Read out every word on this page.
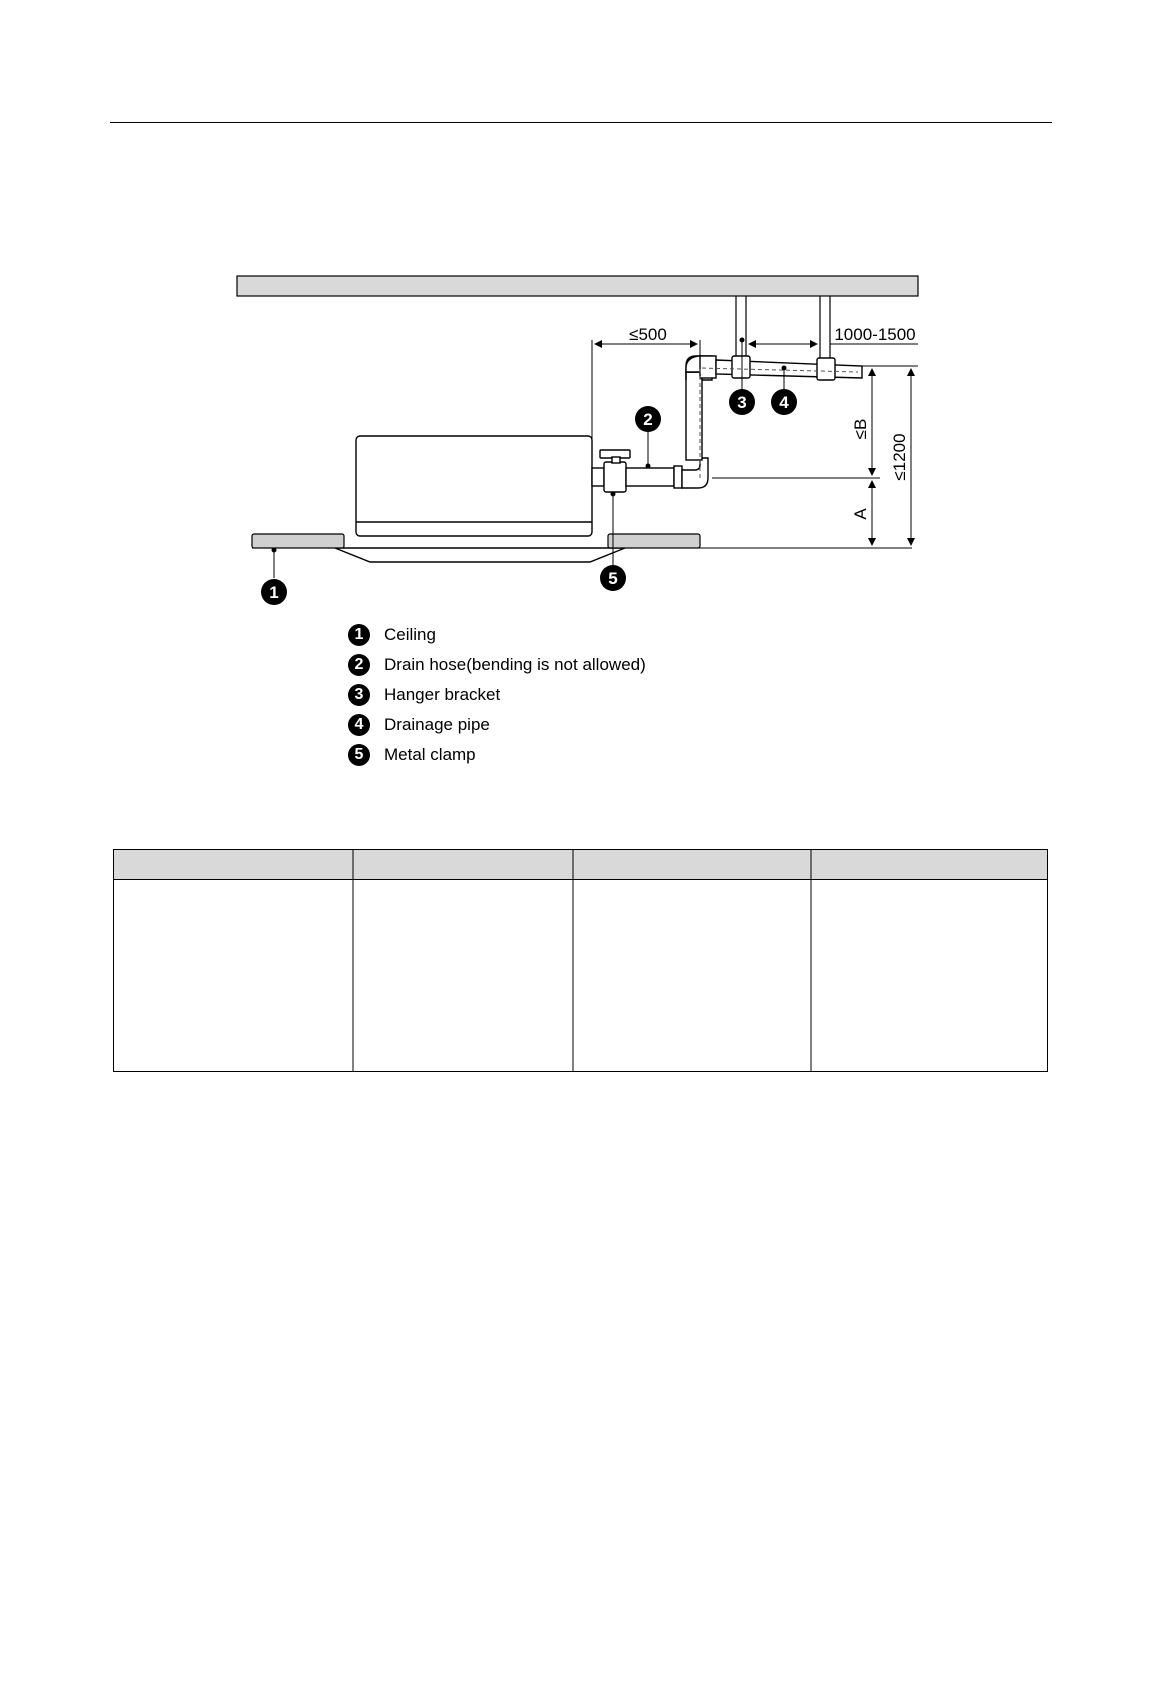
≤500	1000-1500
≤B
≤1200
A
1
2
3 4
5
1	Ceiling
2	Drain hose(bending is not allowed)
3	Hanger bracket
4	Drainage pipe
5	Metal clamp
